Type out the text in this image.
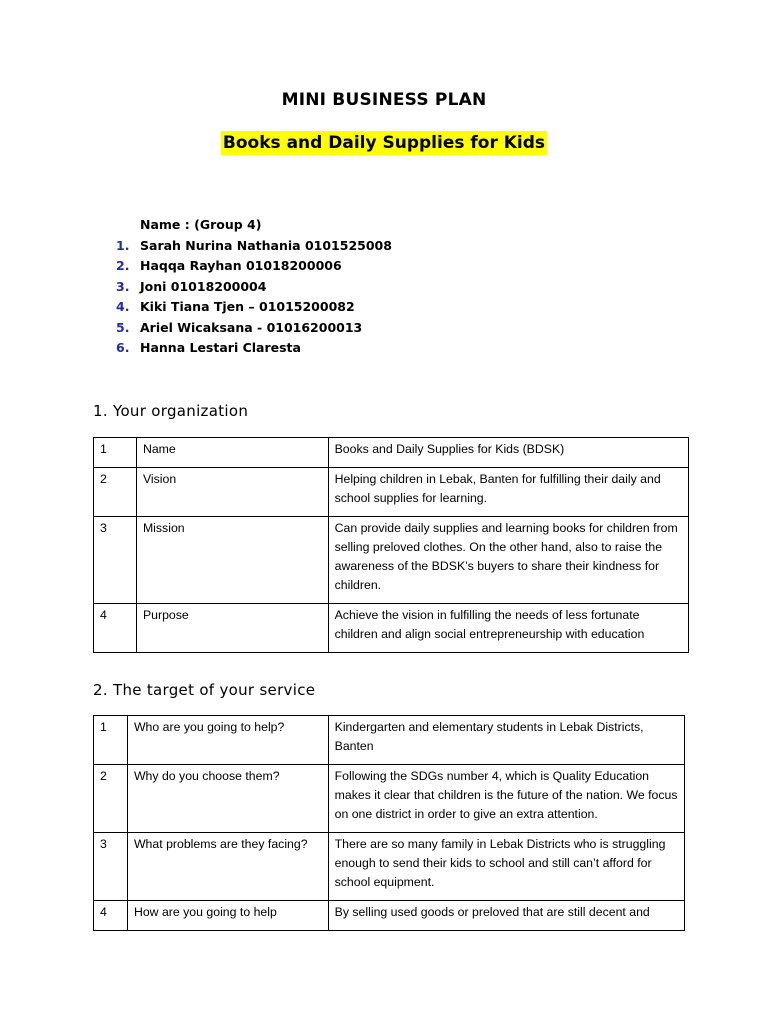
MINI BUSINESS PLAN
Books and Daily Supplies for Kids
Name : (Group 4)
1. Sarah Nurina Nathania 0101525008
2. Haqqa Rayhan 01018200006
3. Joni 01018200004
4. Kiki Tiana Tjen – 01015200082
5. Ariel Wicaksana - 01016200013
6. Hanna Lestari Claresta
1. Your organization
1	Name	Books and Daily Supplies for Kids (BDSK)
2	Vision	Helping children in Lebak, Banten for fulfilling their daily and school supplies for learning.
3	Mission	Can provide daily supplies and learning books for children from selling preloved clothes. On the other hand, also to raise the awareness of the BDSK’s buyers to share their kindness for children.
4	Purpose	Achieve the vision in fulfilling the needs of less fortunate children and align social entrepreneurship with education
2. The target of your service
1	Who are you going to help?	Kindergarten and elementary students in Lebak Districts, Banten
2	Why do you choose them?	Following the SDGs number 4, which is Quality Education makes it clear that children is the future of the nation. We focus on one district in order to give an extra attention.
3	What problems are they facing?	There are so many family in Lebak Districts who is struggling enough to send their kids to school and still can’t afford for school equipment.
4	How are you going to help	By selling used goods or preloved that are still decent and
